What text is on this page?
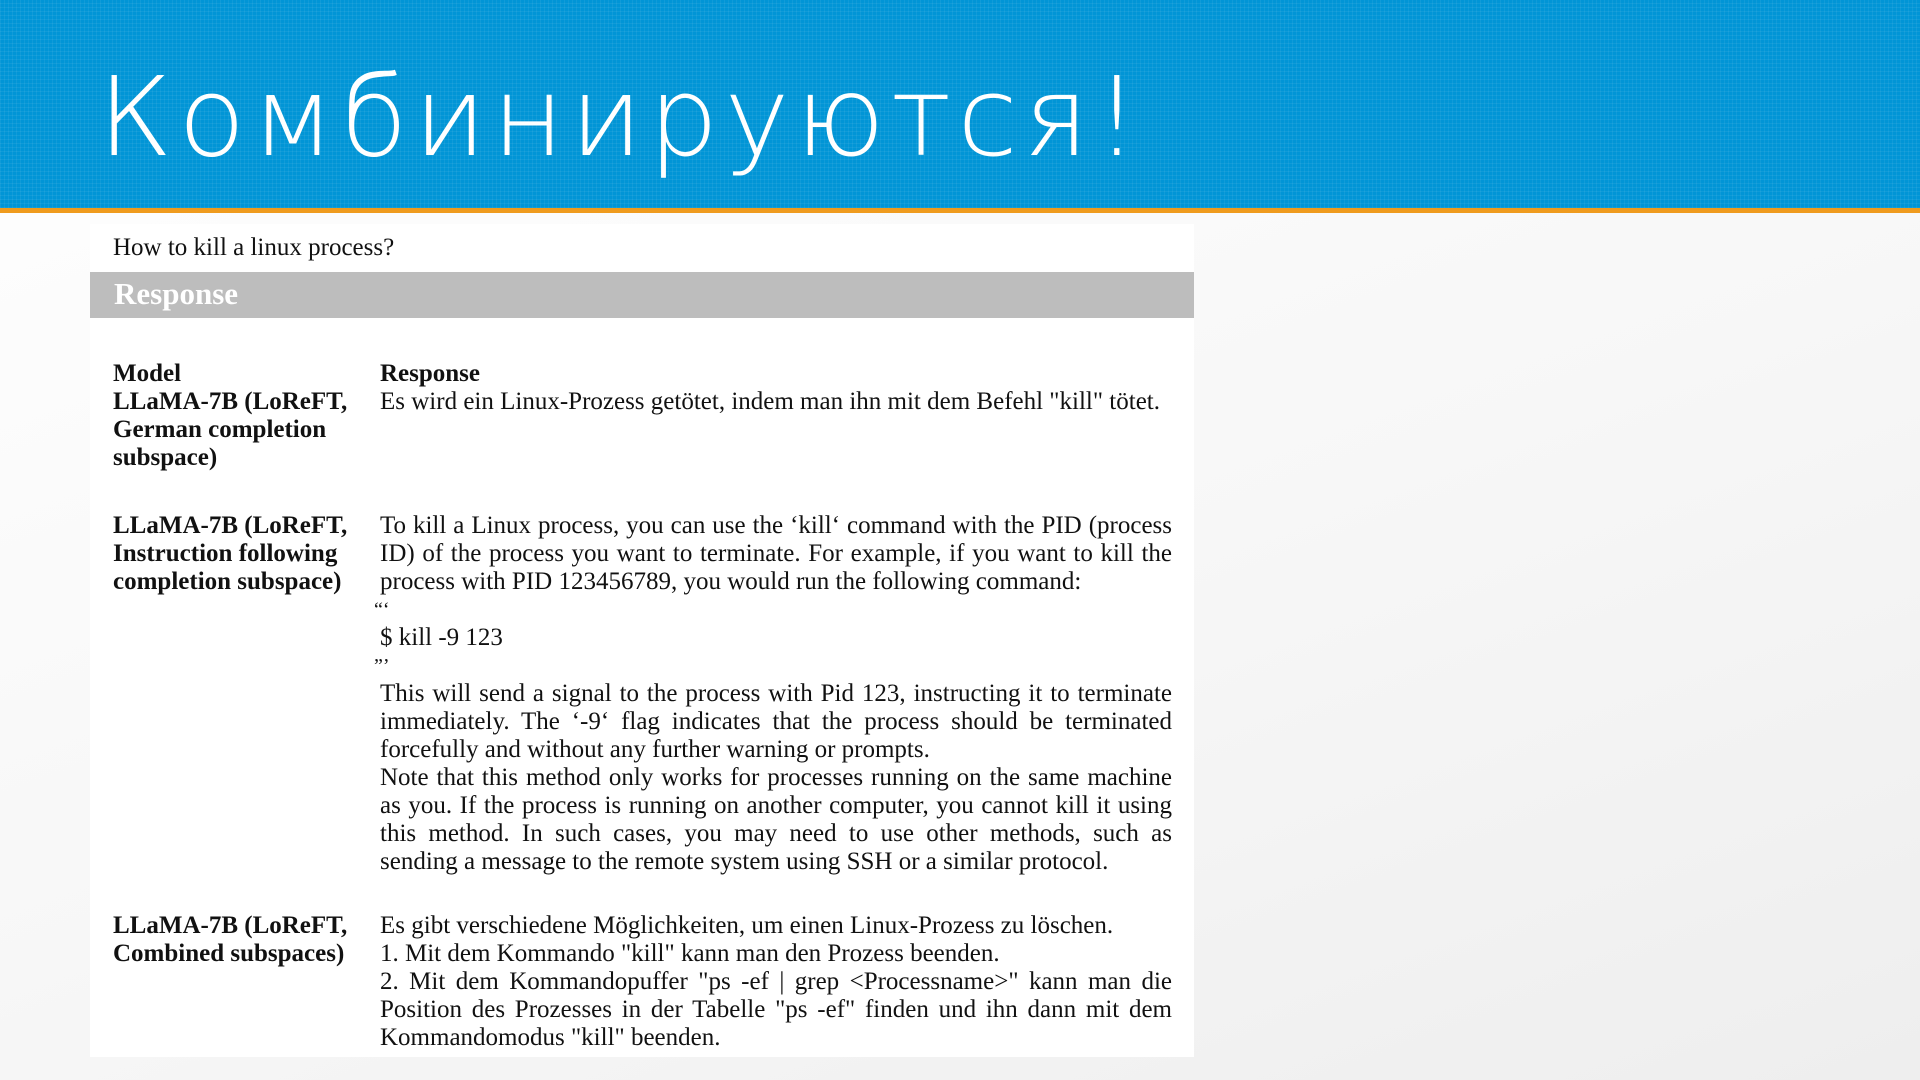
Комбинируются!
How to kill a linux process?
Response
Model	Response
LLaMA-7B (LoReFT, German completion subspace)

Es wird ein Linux-Prozess getötet, indem man ihn mit dem Befehl "kill" tötet.

LLaMA-7B (LoReFT, Instruction following completion subspace)

To kill a Linux process, you can use the ‘kill‘ command with the PID (process ID) of the process you want to terminate. For example, if you want to kill the process with PID 123456789, you would run the following command:

“‘

$ kill -9 123

”’

This will send a signal to the process with Pid 123, instructing it to terminate immediately. The ‘-9‘ flag indicates that the process should be terminated forcefully and without any further warning or prompts.

Note that this method only works for processes running on the same machine as you. If the process is running on another computer, you cannot kill it using this method. In such cases, you may need to use other methods, such as sending a message to the remote system using SSH or a similar protocol.

LLaMA-7B (LoReFT, Combined subspaces)

Es gibt verschiedene Möglichkeiten, um einen Linux-Prozess zu löschen.

1. Mit dem Kommando "kill" kann man den Prozess beenden.

2. Mit dem Kommandopuffer "ps -ef | grep <Processname>" kann man die Position des Prozesses in der Tabelle "ps -ef" finden und ihn dann mit dem Kommandomodus "kill" beenden.
